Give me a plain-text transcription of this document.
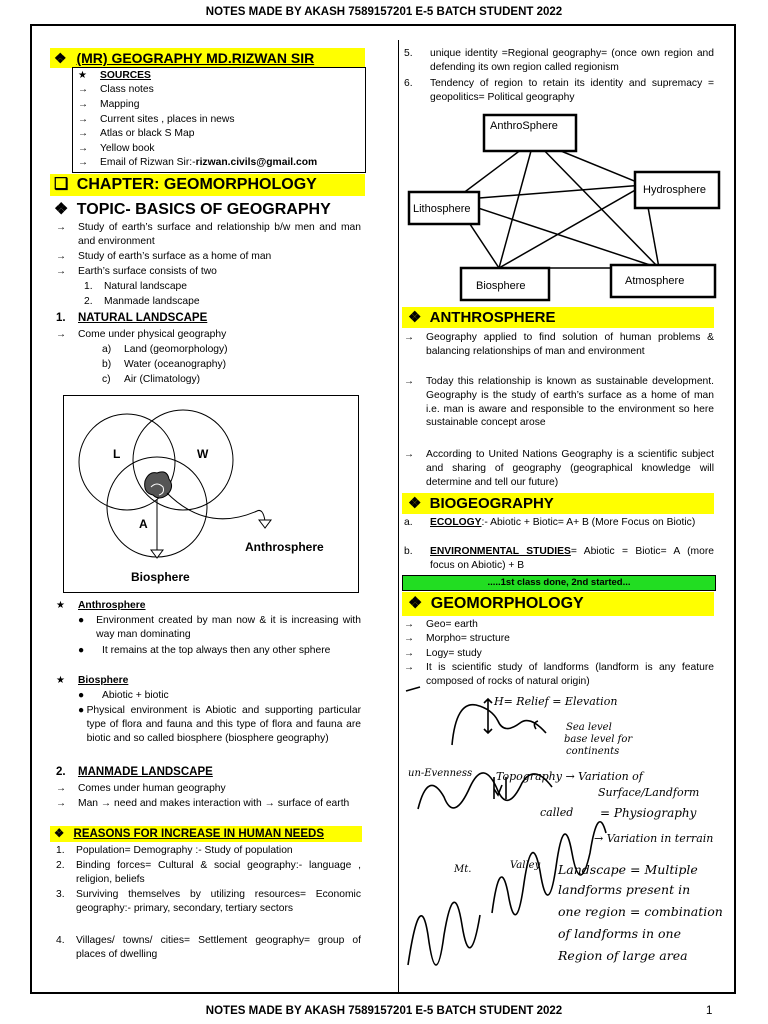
NOTES MADE BY AKASH 7589157201 E-5 BATCH STUDENT 2022
❖ (MR) GEOGRAPHY MD.RIZWAN SIR
★	SOURCES
→	Class notes
→	Mapping
→	Current sites , places in news
→	Atlas or black S Map
→	Yellow book
→	Email of Rizwan Sir:- rizwan.civils@gmail.com
❑ CHAPTER: GEOMORPHOLOGY
❖ TOPIC- BASICS OF GEOGRAPHY
→	Study of earth’s surface and relationship b/w men and man and environment
→	Study of earth’s surface as a home of man
→	Earth’s surface consists of two
1.	Natural landscape
2.	Manmade landscape
1.	NATURAL LANDSCAPE
→	Come under physical geography
a)	Land (geomorphology)
b)	Water (oceanography)
c)	Air (Climatology)
L	W
A
Anthrosphere
Biosphere
★	Anthrosphere
●	Environment created by man now & it is increasing with way man dominating
●	It remains at the top always then any other sphere
★	Biosphere
●	Abiotic + biotic
● Physical environment is Abiotic and supporting particular type of flora and fauna and this type of flora and fauna are biotic and so called biosphere (biosphere geography)
2.	MANMADE LANDSCAPE
→	Comes under human geography
→	Man → need and makes interaction with → surface of earth
❖ REASONS FOR INCREASE IN HUMAN NEEDS
1.	Population= Demography :- Study of population
2.	Binding forces= Cultural & social geography:- language , religion, beliefs
3.	Surviving themselves by utilizing resources= Economic geography:- primary, secondary, tertiary sectors
4.	Villages/ towns/ cities= Settlement geography= group of places of dwelling
5.	unique identity =Regional geography= (once own region and defending its own region called regionism
6.	Tendency of region to retain its identity and supremacy = geopolitics= Political geography
AnthroSphere
Hydrosphere
Lithosphere
Biosphere	Atmosphere
❖ ANTHROSPHERE
→	Geography applied to find solution of human problems & balancing relationships of man and environment
→	Today this relationship is known as sustainable development. Geography is the study of earth’s surface as a home of man i.e. man is aware and responsible to the environment so here sustainable concept arose
→	According to United Nations Geography is a scientific subject and sharing of geography (geographical knowledge will determine and tell our future)
❖ BIOGEOGRAPHY
a.	ECOLOGY:- Abiotic + Biotic= A+ B (More Focus on Biotic)
b.	ENVIRONMENTAL STUDIES= Abiotic = Biotic= A (more focus on Abiotic) + B
.....1st class done, 2nd started...
❖ GEOMORPHOLOGY
→	Geo= earth
→	Morpho= structure
→	Logy= study
→	It is scientific study of landforms (landform is any feature composed of rocks of natural origin)
H= Relief = Elevation
Sea level
base level for
continents
un-Evenness Topography → Variation of
Surface/Landform
called = Physiography
→ Variation in terrain
Mt.	Valley Landscape = Multiple
landforms present in
one region = combination
of landforms in one
Region of large area
NOTES MADE BY AKASH 7589157201 E-5 BATCH STUDENT 2022	1
